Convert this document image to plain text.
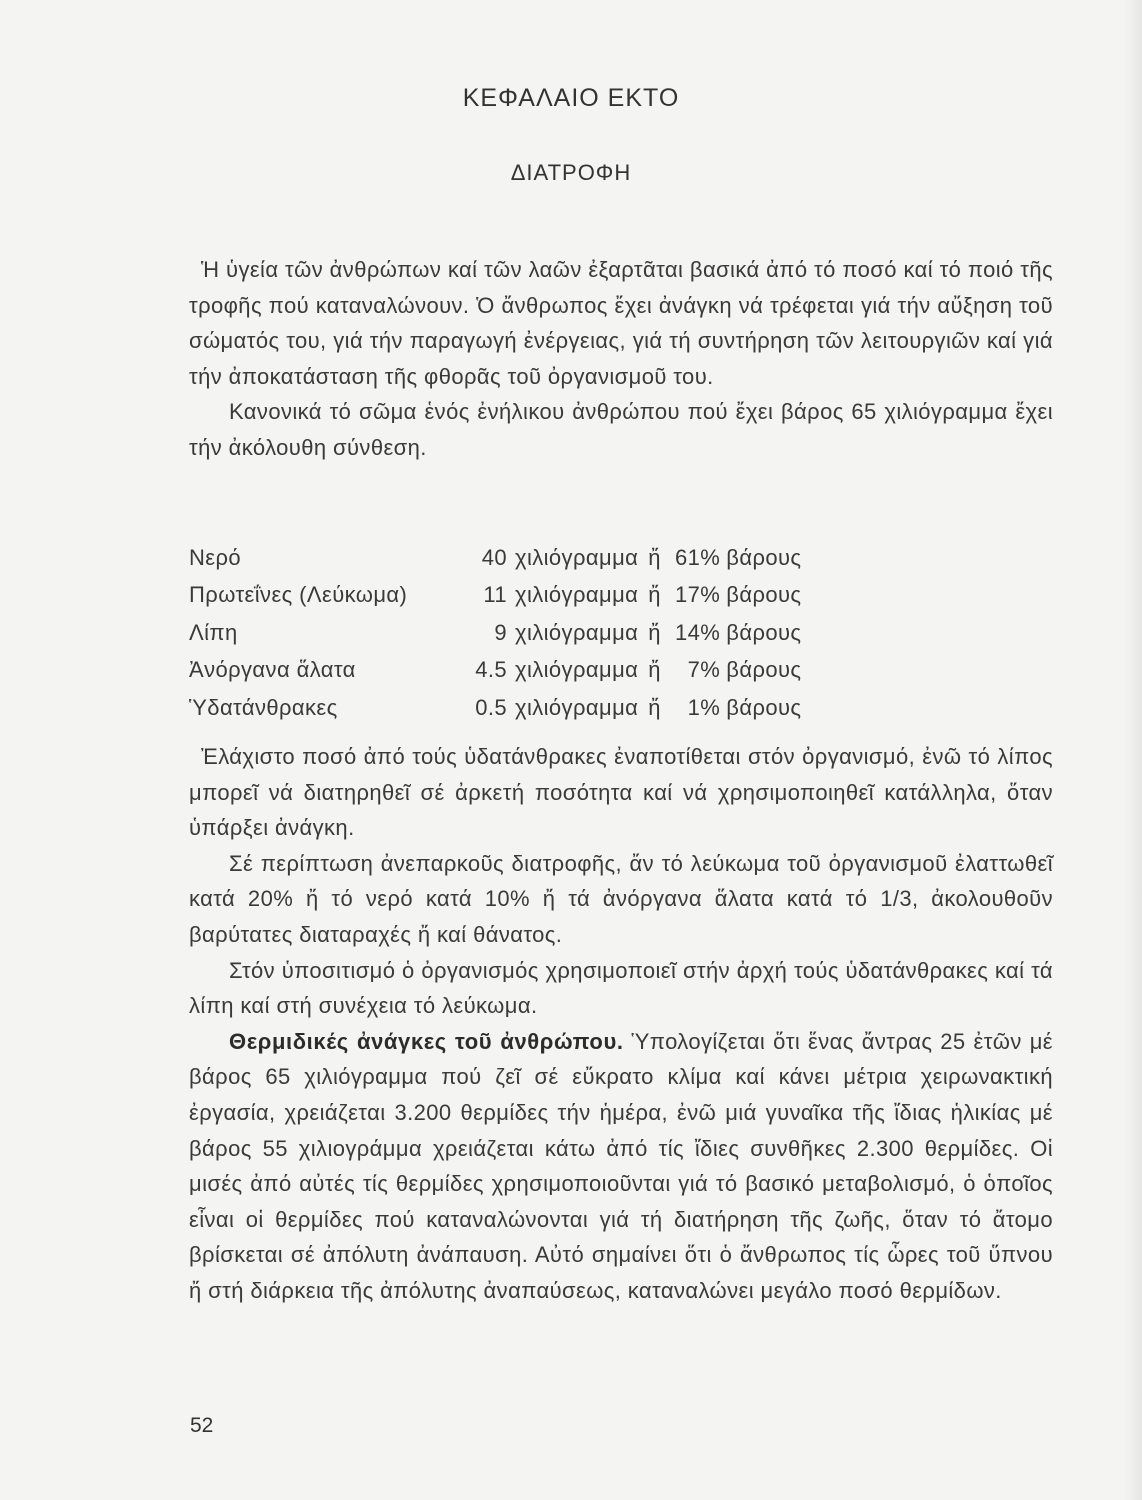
ΚΕΦΑΛΑΙΟ ΕΚΤΟ
ΔΙΑΤΡΟΦΗ

Ἡ ὑγεία τῶν ἀνθρώπων καί τῶν λαῶν ἐξαρτᾶται βασικά ἀπό τό ποσό καί τό ποιό τῆς τροφῆς πού καταναλώνουν. Ὁ ἄνθρωπος ἔχει ἀνάγκη νά τρέφεται γιά τήν αὔξηση τοῦ σώματός του, γιά τήν παραγωγή ἐνέργειας, γιά τή συντήρηση τῶν λειτουργιῶν καί γιά τήν ἀποκατάσταση τῆς φθορᾶς τοῦ ὀργανισμοῦ του.

Κανονικά τό σῶμα ἑνός ἐνήλικου ἀνθρώπου πού ἔχει βάρος 65 χιλιόγραμμα ἔχει τήν ἀκόλουθη σύνθεση.

Νερό	40	χιλιόγραμμα	ἤ	61%	βάρους
Πρωτεΐνες (Λεύκωμα)	11	χιλιόγραμμα	ἤ	17%	βάρους
Λίπη	9	χιλιόγραμμα	ἤ	14%	βάρους
Ἀνόργανα ἅλατα	4.5	χιλιόγραμμα	ἤ	7%	βάρους
Ὑδατάνθρακες	0.5	χιλιόγραμμα	ἤ	1%	βάρους

Ἐλάχιστο ποσό ἀπό τούς ὑδατάνθρακες ἐναποτίθεται στόν ὀργανισμό, ἐνῶ τό λίπος μπορεῖ νά διατηρηθεῖ σέ ἀρκετή ποσότητα καί νά χρησιμοποιηθεῖ κατάλληλα, ὅταν ὑπάρξει ἀνάγκη.

Σέ περίπτωση ἀνεπαρκοῦς διατροφῆς, ἄν τό λεύκωμα τοῦ ὀργανισμοῦ ἐλαττωθεῖ κατά 20% ἤ τό νερό κατά 10% ἤ τά ἀνόργανα ἅλατα κατά τό 1/3, ἀκολουθοῦν βαρύτατες διαταραχές ἤ καί θάνατος.

Στόν ὑποσιτισμό ὁ ὀργανισμός χρησιμοποιεῖ στήν ἀρχή τούς ὑδατάνθρακες καί τά λίπη καί στή συνέχεια τό λεύκωμα.

Θερμιδικές ἀνάγκες τοῦ ἀνθρώπου. Ὑπολογίζεται ὅτι ἕνας ἄντρας 25 ἐτῶν μέ βάρος 65 χιλιόγραμμα πού ζεῖ σέ εὔκρατο κλίμα καί κάνει μέτρια χειρωνακτική ἐργασία, χρειάζεται 3.200 θερμίδες τήν ἡμέρα, ἐνῶ μιά γυναῖκα τῆς ἴδιας ἡλικίας μέ βάρος 55 χιλιογράμμα χρειάζεται κάτω ἀπό τίς ἴδιες συνθῆκες 2.300 θερμίδες. Οἱ μισές ἀπό αὐτές τίς θερμίδες χρησιμοποιοῦνται γιά τό βασικό μεταβολισμό, ὁ ὁποῖος εἶναι οἱ θερμίδες πού καταναλώνονται γιά τή διατήρηση τῆς ζωῆς, ὅταν τό ἄτομο βρίσκεται σέ ἀπόλυτη ἀνάπαυση. Αὐτό σημαίνει ὅτι ὁ ἄνθρωπος τίς ὧρες τοῦ ὕπνου ἤ στή διάρκεια τῆς ἀπόλυτης ἀναπαύσεως, καταναλώνει μεγάλο ποσό θερμίδων.

52
